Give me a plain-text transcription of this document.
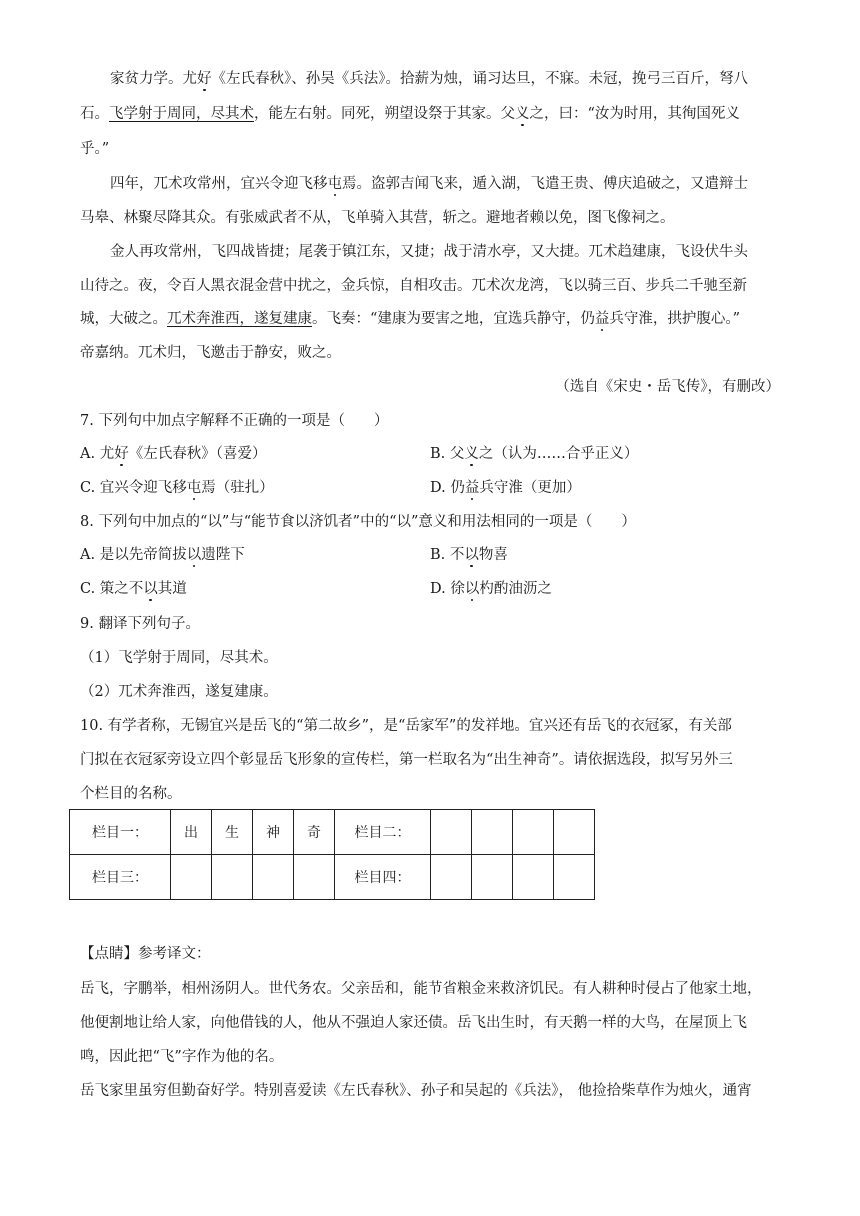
家贫力学。尤好《左氏春秋》、孙吴《兵法》。拾薪为烛，诵习达旦，不寐。未冠，挽弓三百斤，弩八
石。飞学射于周同，尽其术，能左右射。同死，朔望设祭于其家。父义之，曰：“汝为时用，其徇国死义
乎。”
四年，兀术攻常州，宜兴令迎飞移屯焉。盗郭吉闻飞来，遁入湖，飞遣王贵、傅庆追破之，又遣辩士
马皋、林聚尽降其众。有张威武者不从，飞单骑入其营，斩之。避地者赖以免，图飞像祠之。
金人再攻常州，飞四战皆捷；尾袭于镇江东，又捷；战于清水亭，又大捷。兀术趋建康，飞设伏牛头
山待之。夜，令百人黑衣混金营中扰之，金兵惊，自相攻击。兀术次龙湾，飞以骑三百、步兵二千驰至新
城，大破之。兀术奔淮西，遂复建康。飞奏：“建康为要害之地，宜选兵静守，仍益兵守淮，拱护腹心。”
帝嘉纳。兀术归，飞邀击于静安，败之。
（选自《宋史・岳飞传》，有删改）
7. 下列句中加点字解释不正确的一项是（　　）
A. 尤好《左氏春秋》（喜爱）	B. 父义之（认为……合乎正义）
C. 宜兴令迎飞移屯焉（驻扎）	D. 仍益兵守淮（更加）
8. 下列句中加点的“以”与“能节食以济饥者”中的“以”意义和用法相同的一项是（　　）
A. 是以先帝简拔以遗陛下	B. 不以物喜
C. 策之不以其道	D. 徐以杓酌油沥之
9. 翻译下列句子。
（1）飞学射于周同，尽其术。
（2）兀术奔淮西，遂复建康。
10. 有学者称，无锡宜兴是岳飞的“第二故乡”，是“岳家军”的发祥地。宜兴还有岳飞的衣冠冢，有关部
门拟在衣冠冢旁设立四个彰显岳飞形象的宣传栏，第一栏取名为“出生神奇”。请依据选段，拟写另外三
个栏目的名称。
栏目一：	出	生	神	奇	栏目二：				
栏目三：					栏目四：				
【点睛】参考译文：
岳飞，字鹏举，相州汤阴人。世代务农。父亲岳和，能节省粮金来救济饥民。有人耕种时侵占了他家土地，
他便割地让给人家，向他借钱的人，他从不强迫人家还债。岳飞出生时，有天鹅一样的大鸟，在屋顶上飞
鸣，因此把“飞”字作为他的名。
岳飞家里虽穷但勤奋好学。特别喜爱读《左氏春秋》、孙子和吴起的《兵法》， 他捡拾柴草作为烛火，通宵
